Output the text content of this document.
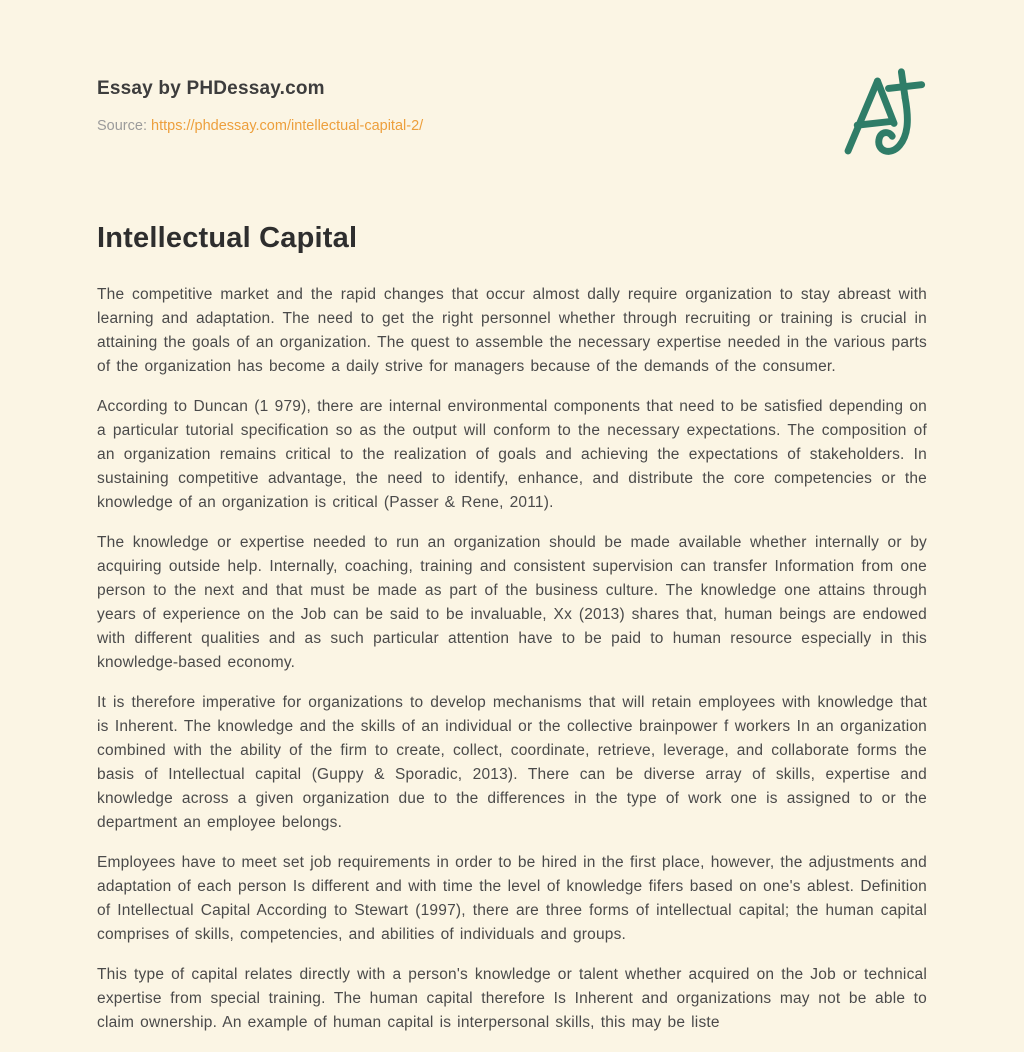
Essay by PHDessay.com
Source: https://phdessay.com/intellectual-capital-2/
Intellectual Capital

The competitive market and the rapid changes that occur almost dally require organization to stay abreast with learning and adaptation. The need to get the right personnel whether through recruiting or training is crucial in attaining the goals of an organization. The quest to assemble the necessary expertise needed in the various parts of the organization has become a daily strive for managers because of the demands of the consumer.

According to Duncan (1 979), there are internal environmental components that need to be satisfied depending on a particular tutorial specification so as the output will conform to the necessary expectations. The composition of an organization remains critical to the realization of goals and achieving the expectations of stakeholders. In sustaining competitive advantage, the need to identify, enhance, and distribute the core competencies or the knowledge of an organization is critical (Passer & Rene, 2011).

The knowledge or expertise needed to run an organization should be made available whether internally or by acquiring outside help. Internally, coaching, training and consistent supervision can transfer Information from one person to the next and that must be made as part of the business culture. The knowledge one attains through years of experience on the Job can be said to be invaluable, Xx (2013) shares that, human beings are endowed with different qualities and as such particular attention have to be paid to human resource especially in this knowledge-based economy.

It is therefore imperative for organizations to develop mechanisms that will retain employees with knowledge that is Inherent. The knowledge and the skills of an individual or the collective brainpower f workers In an organization combined with the ability of the firm to create, collect, coordinate, retrieve, leverage, and collaborate forms the basis of Intellectual capital (Guppy & Sporadic, 2013). There can be diverse array of skills, expertise and knowledge across a given organization due to the differences in the type of work one is assigned to or the department an employee belongs.

Employees have to meet set job requirements in order to be hired in the first place, however, the adjustments and adaptation of each person Is different and with time the level of knowledge fifers based on one's ablest. Definition of Intellectual Capital According to Stewart (1997), there are three forms of intellectual capital; the human capital comprises of skills, competencies, and abilities of individuals and groups.

This type of capital relates directly with a person's knowledge or talent whether acquired on the Job or technical expertise from special training. The human capital therefore Is Inherent and organizations may not be able to claim ownership. An example of human capital is interpersonal skills, this may be liste
